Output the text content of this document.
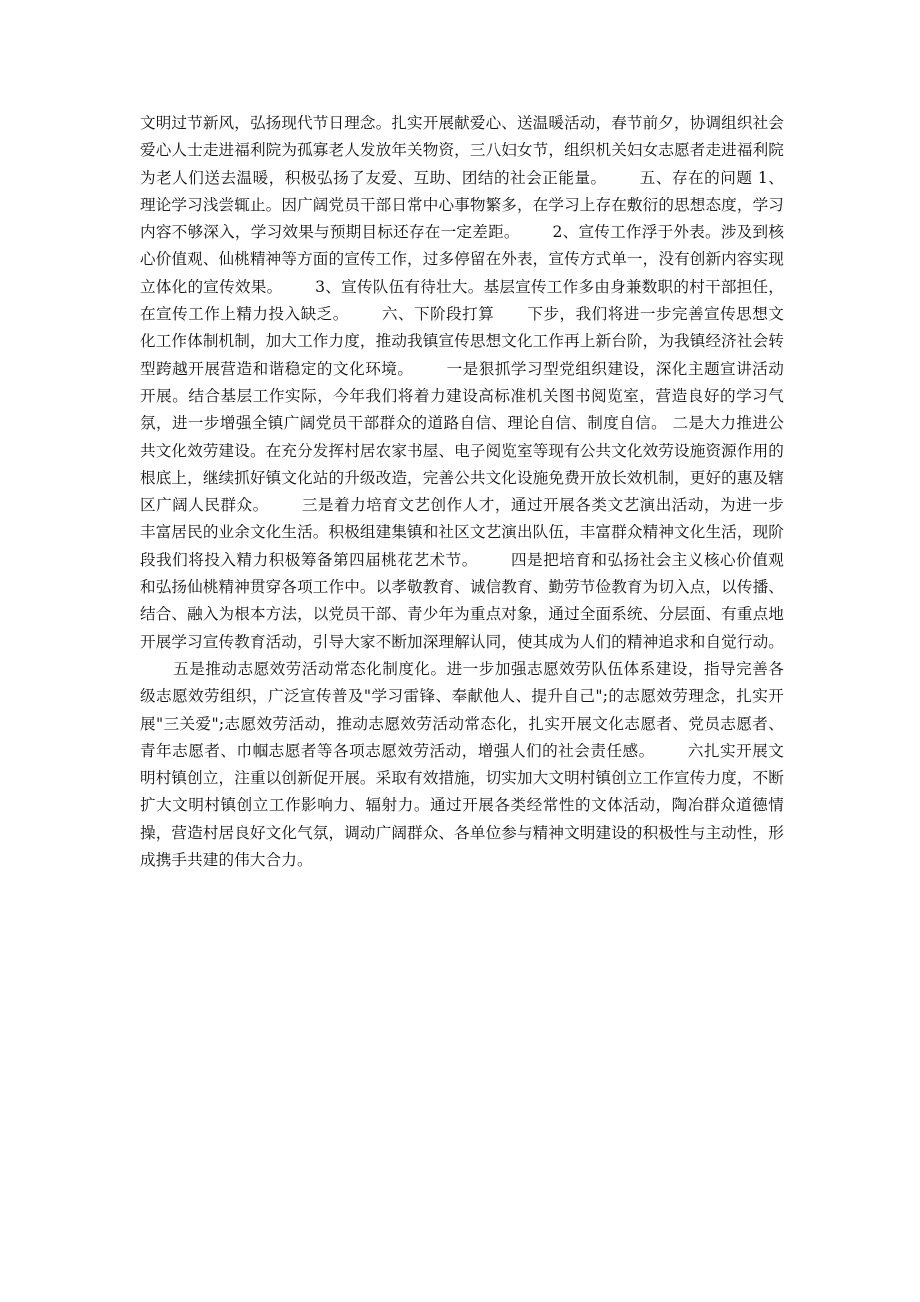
文明过节新风，弘扬现代节日理念。扎实开展献爱心、送温暖活动，春节前夕，协调组织社会爱心人士走进福利院为孤寡老人发放年关物资，三八妇女节，组织机关妇女志愿者走进福利院为老人们送去温暖，积极弘扬了友爱、互助、团结的社会正能量。 五、存在的问题 1、理论学习浅尝辄止。因广阔党员干部日常中心事物繁多，在学习上存在敷衍的思想态度，学习内容不够深入，学习效果与预期目标还存在一定差距。 2、宣传工作浮于外表。涉及到核心价值观、仙桃精神等方面的宣传工作，过多停留在外表，宣传方式单一，没有创新内容实现立体化的宣传效果。 3、宣传队伍有待壮大。基层宣传工作多由身兼数职的村干部担任，在宣传工作上精力投入缺乏。 六、下阶段打算 下步，我们将进一步完善宣传思想文化工作体制机制，加大工作力度，推动我镇宣传思想文化工作再上新台阶，为我镇经济社会转型跨越开展营造和谐稳定的文化环境。 一是狠抓学习型党组织建设，深化主题宣讲活动开展。结合基层工作实际，今年我们将着力建设高标准机关图书阅览室，营造良好的学习气氛，进一步增强全镇广阔党员干部群众的道路自信、理论自信、制度自信。 二是大力推进公共文化效劳建设。在充分发挥村居农家书屋、电子阅览室等现有公共文化效劳设施资源作用的根底上，继续抓好镇文化站的升级改造，完善公共文化设施免费开放长效机制，更好的惠及辖区广阔人民群众。 三是着力培育文艺创作人才，通过开展各类文艺演出活动，为进一步丰富居民的业余文化生活。积极组建集镇和社区文艺演出队伍，丰富群众精神文化生活，现阶段我们将投入精力积极筹备第四届桃花艺术节。 四是把培育和弘扬社会主义核心价值观和弘扬仙桃精神贯穿各项工作中。以孝敬教育、诚信教育、勤劳节俭教育为切入点，以传播、结合、融入为根本方法，以党员干部、青少年为重点对象，通过全面系统、分层面、有重点地开展学习宣传教育活动，引导大家不断加深理解认同，使其成为人们的精神追求和自觉行动。五是推动志愿效劳活动常态化制度化。进一步加强志愿效劳队伍体系建设，指导完善各级志愿效劳组织，广泛宣传普及"学习雷锋、奉献他人、提升自己";的志愿效劳理念，扎实开展"三关爱";志愿效劳活动，推动志愿效劳活动常态化，扎实开展文化志愿者、党员志愿者、青年志愿者、巾帼志愿者等各项志愿效劳活动，增强人们的社会责任感。 六扎实开展文明村镇创立，注重以创新促开展。采取有效措施，切实加大文明村镇创立工作宣传力度，不断扩大文明村镇创立工作影响力、辐射力。通过开展各类经常性的文体活动，陶冶群众道德情操，营造村居良好文化气氛，调动广阔群众、各单位参与精神文明建设的积极性与主动性，形成携手共建的伟大合力。
